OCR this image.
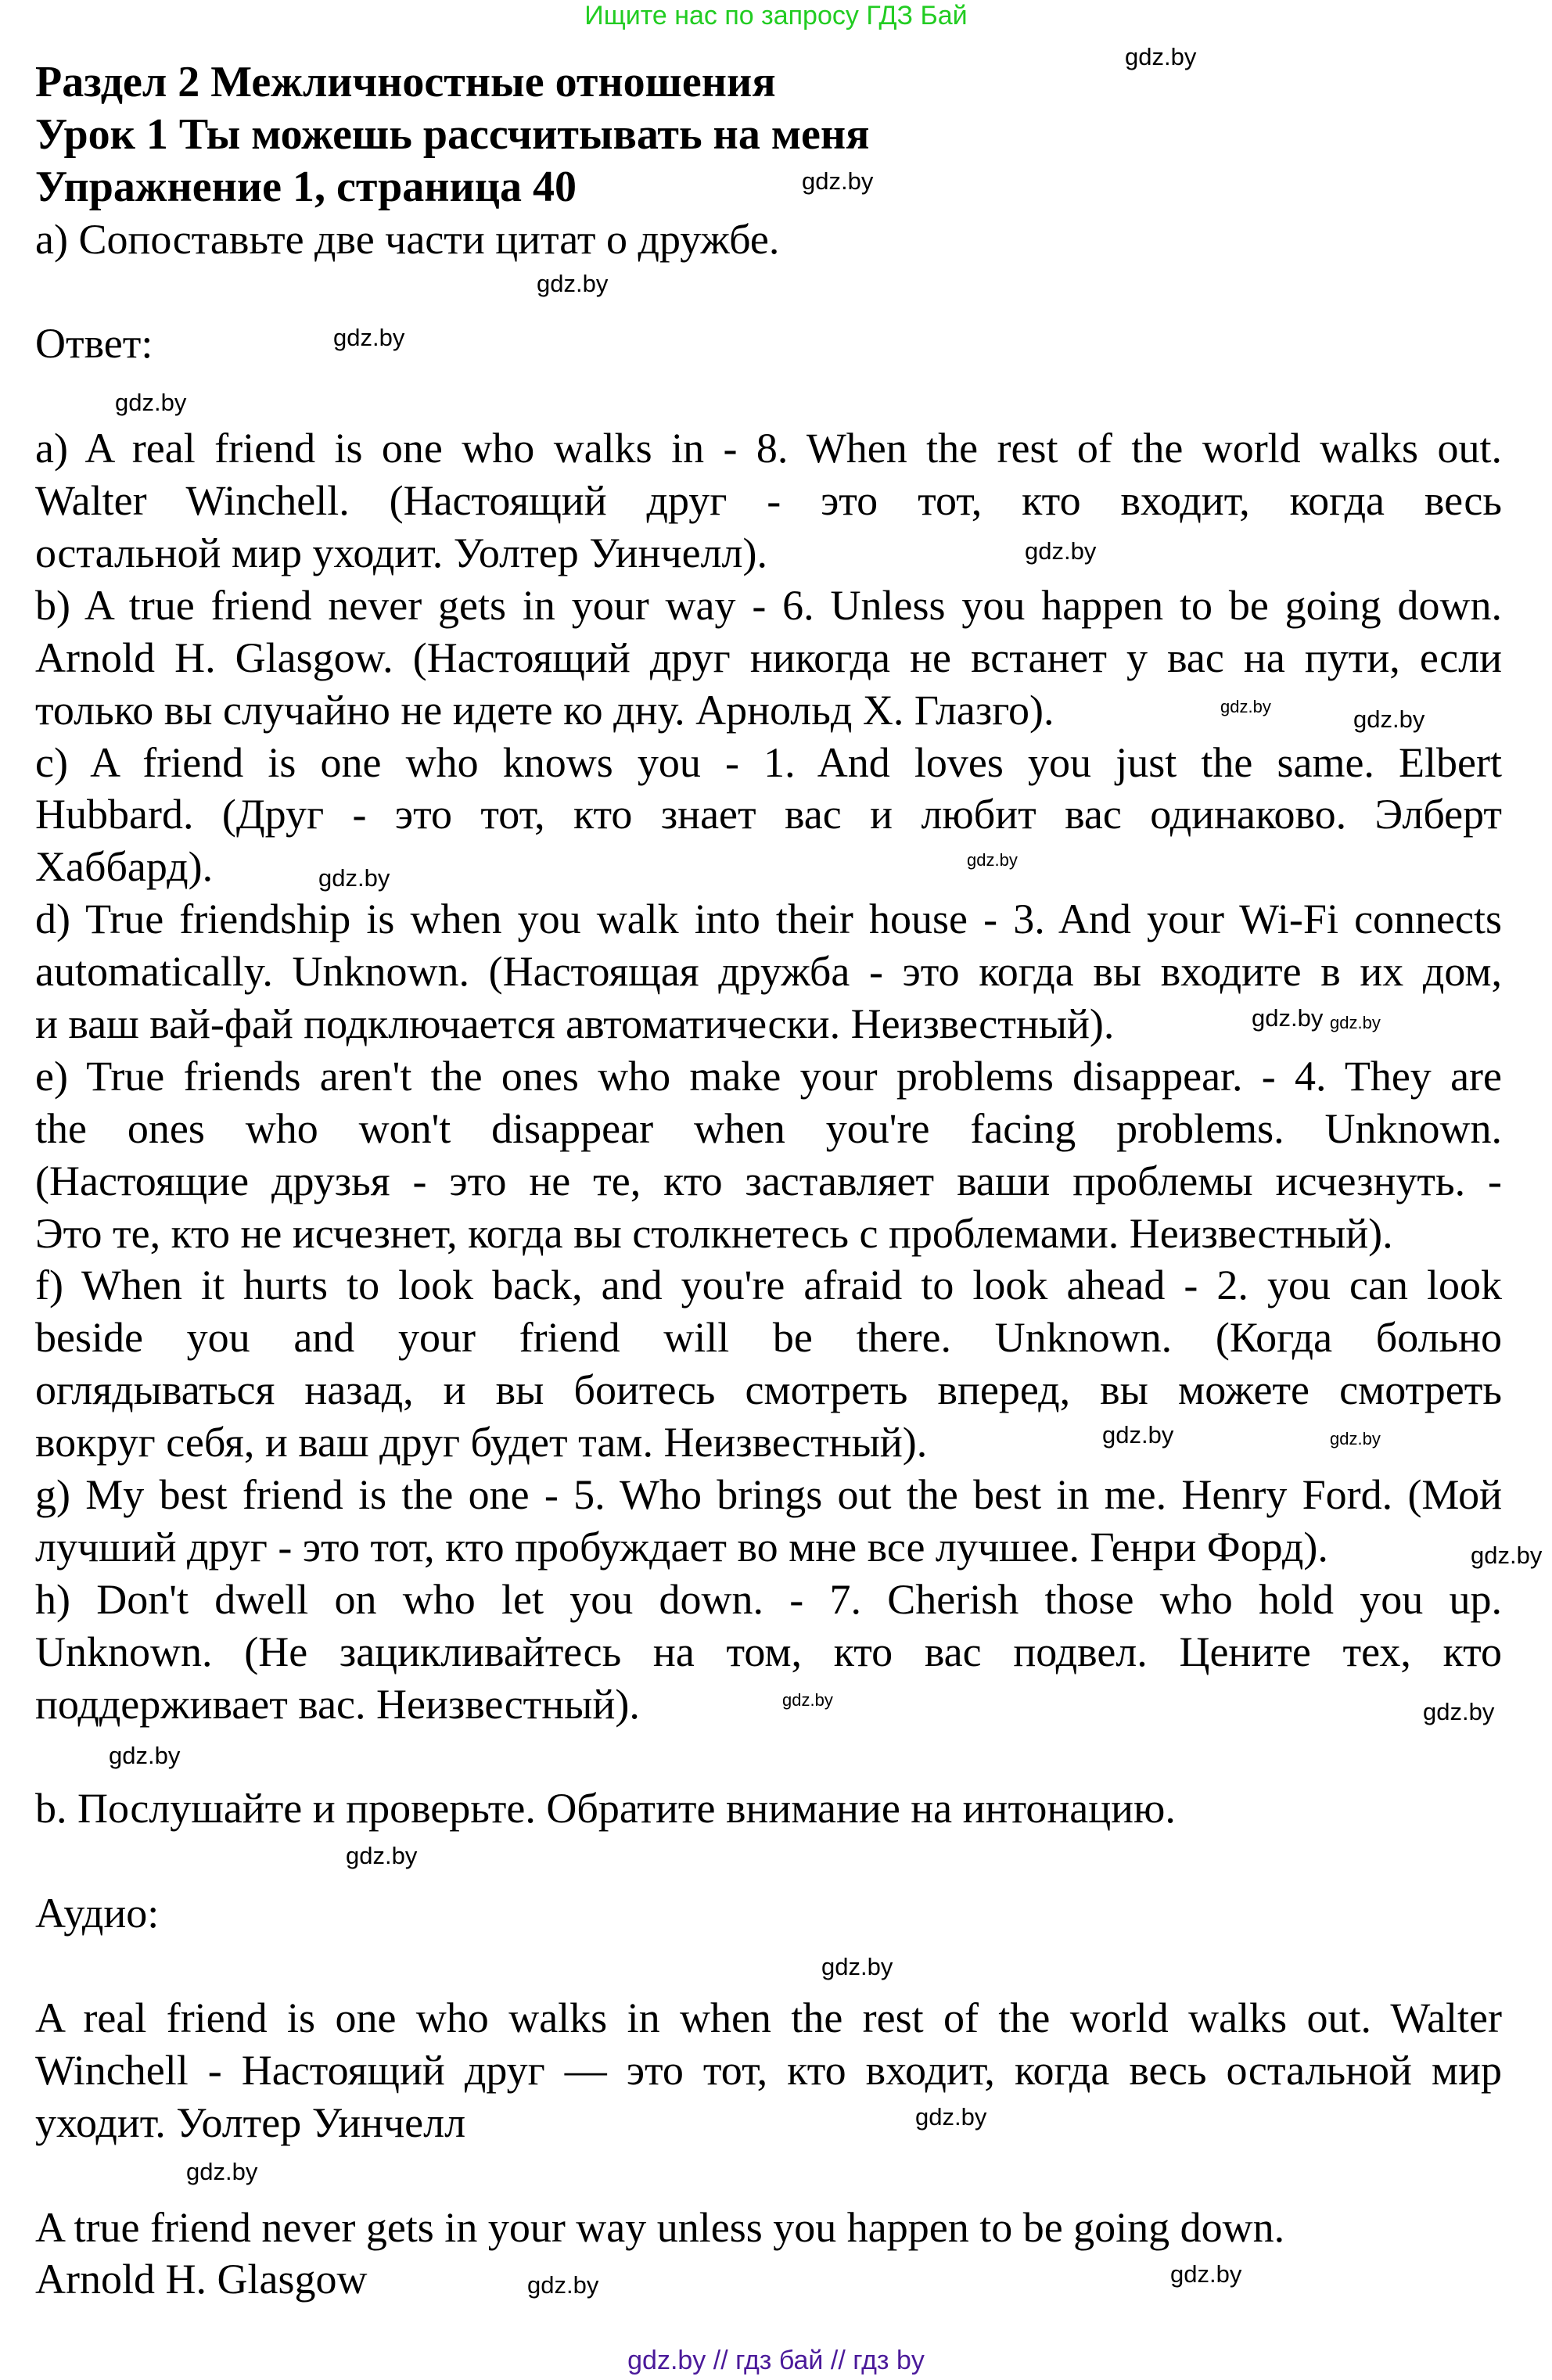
Ищите нас по запросу ГДЗ Бай
Раздел 2 Межличностные отношения
Урок 1 Ты можешь рассчитывать на меня
Упражнение 1, страница 40
а) Сопоставьте две части цитат о дружбе.
Ответ:
a) A real friend is one who walks in - 8. When the rest of the world walks out.
Walter Winchell. (Настоящий друг - это тот, кто входит, когда весь
остальной мир уходит. Уолтер Уинчелл).
b) A true friend never gets in your way - 6. Unless you happen to be going down.
Arnold H. Glasgow. (Настоящий друг никогда не встанет у вас на пути, если
только вы случайно не идете ко дну. Арнольд Х. Глазго).
c) A friend is one who knows you - 1. And loves you just the same. Elbert
Hubbard. (Друг - это тот, кто знает вас и любит вас одинаково. Элберт
Хаббард).
d) True friendship is when you walk into their house - 3. And your Wi-Fi connects
automatically. Unknown. (Настоящая дружба - это когда вы входите в их дом,
и ваш вай-фай подключается автоматически. Неизвестный).
e) True friends aren't the ones who make your problems disappear. - 4. They are
the ones who won't disappear when you're facing problems. Unknown.
(Настоящие друзья - это не те, кто заставляет ваши проблемы исчезнуть. -
Это те, кто не исчезнет, когда вы столкнетесь с проблемами. Неизвестный).
f) When it hurts to look back, and you're afraid to look ahead - 2. you can look
beside you and your friend will be there. Unknown. (Когда больно
оглядываться назад, и вы боитесь смотреть вперед, вы можете смотреть
вокруг себя, и ваш друг будет там. Неизвестный).
g) My best friend is the one - 5. Who brings out the best in me. Henry Ford. (Мой
лучший друг - это тот, кто пробуждает во мне все лучшее. Генри Форд).
h) Don't dwell on who let you down. - 7. Cherish those who hold you up.
Unknown. (Не зацикливайтесь на том, кто вас подвел. Цените тех, кто
поддерживает вас. Неизвестный).
b. Послушайте и проверьте. Обратите внимание на интонацию.
Аудио:
A real friend is one who walks in when the rest of the world walks out. Walter
Winchell - Настоящий друг — это тот, кто входит, когда весь остальной мир
уходит. Уолтер Уинчелл
A true friend never gets in your way unless you happen to be going down.
Arnold H. Glasgow
gdz.by
gdz.by
gdz.by
gdz.by
gdz.by
gdz.by
gdz.by	gdz.by
gdz.by
gdz.by
gdz.by
gdz.by
gdz.by
gdz.by
gdz.by
gdz.by
gdz.by
gdz.by
gdz.by
gdz.by
gdz.by
gdz.by
gdz.by
gdz.by
gdz.by // гдз бай // гдз by
